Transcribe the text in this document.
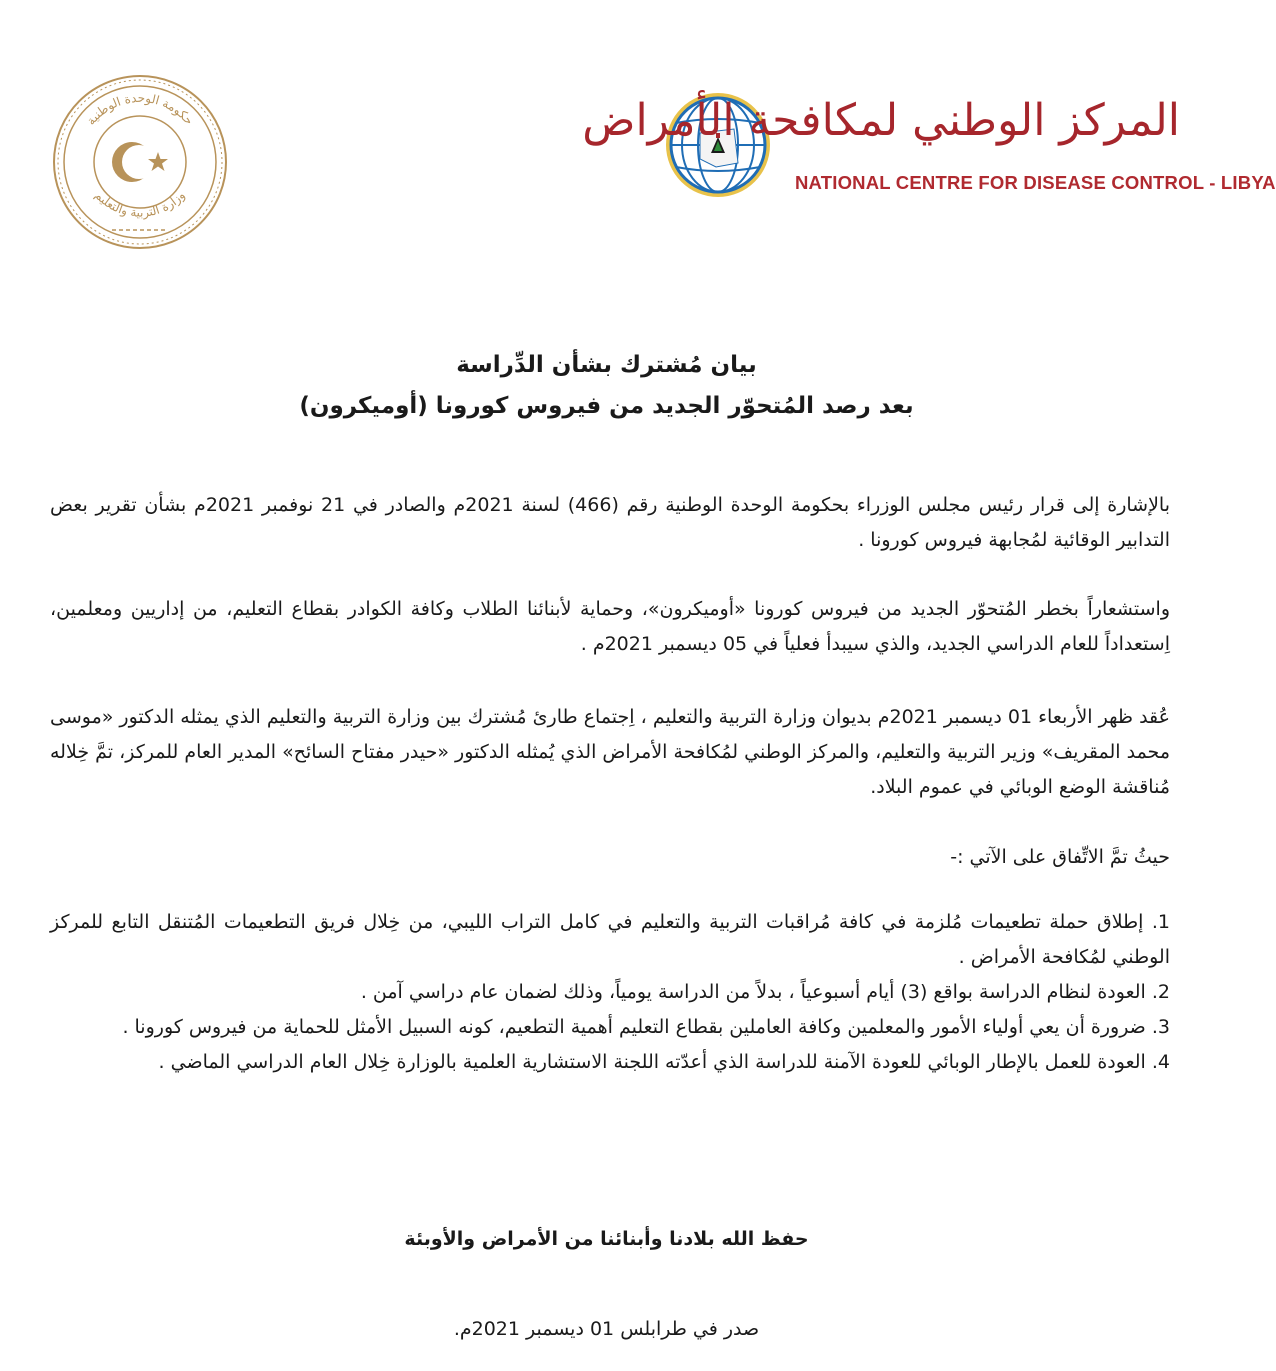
حكومة الوحدة الوطنية
وزارة التربية والتعليم
المركز الوطني لمكافحة الأمراض
NATIONAL CENTRE FOR DISEASE CONTROL - LIBYA
بيان مُشترك بشأن الدِّراسة
بعد رصد المُتحوّر الجديد من فيروس كورونا (أوميكرون)
بالإشارة إلى قرار رئيس مجلس الوزراء بحكومة الوحدة الوطنية رقم (466) لسنة 2021م والصادر في 21 نوفمبر 2021م بشأن تقرير بعض التدابير الوقائية لمُجابهة فيروس كورونا .
واستشعاراً بخطر المُتحوّر الجديد من فيروس كورونا «أوميكرون»، وحماية لأبنائنا الطلاب وكافة الكوادر بقطاع التعليم، من إداريين ومعلمين، اِستعداداً للعام الدراسي الجديد، والذي سيبدأ فعلياً في 05 ديسمبر 2021م .
عُقد ظهر الأربعاء 01 ديسمبر 2021م بديوان وزارة التربية والتعليم ، اِجتماع طارئ مُشترك بين وزارة التربية والتعليم الذي يمثله الدكتور «موسى محمد المقريف» وزير التربية والتعليم، والمركز الوطني لمُكافحة الأمراض الذي يُمثله الدكتور «حيدر مفتاح السائح» المدير العام للمركز، تمَّ خِلاله مُناقشة الوضع الوبائي في عموم البلاد.
حيثُ تمَّ الاتِّفاق على الآتي :-
1. إطلاق حملة تطعيمات مُلزمة في كافة مُراقبات التربية والتعليم في كامل التراب الليبي، من خِلال فريق التطعيمات المُتنقل التابع للمركز الوطني لمُكافحة الأمراض .
2. العودة لنظام الدراسة بواقع (3) أيام أسبوعياً ، بدلاً من الدراسة يومياً، وذلك لضمان عام دراسي آمن .
3. ضرورة أن يعي أولياء الأمور والمعلمين وكافة العاملين بقطاع التعليم أهمية التطعيم، كونه السبيل الأمثل للحماية من فيروس كورونا .
4. العودة للعمل بالإطار الوبائي للعودة الآمنة للدراسة الذي أعدّته اللجنة الاستشارية العلمية بالوزارة خِلال العام الدراسي الماضي .
حفظ الله بلادنا وأبنائنا من الأمراض والأوبئة
صدر في طرابلس 01 ديسمبر 2021م.
